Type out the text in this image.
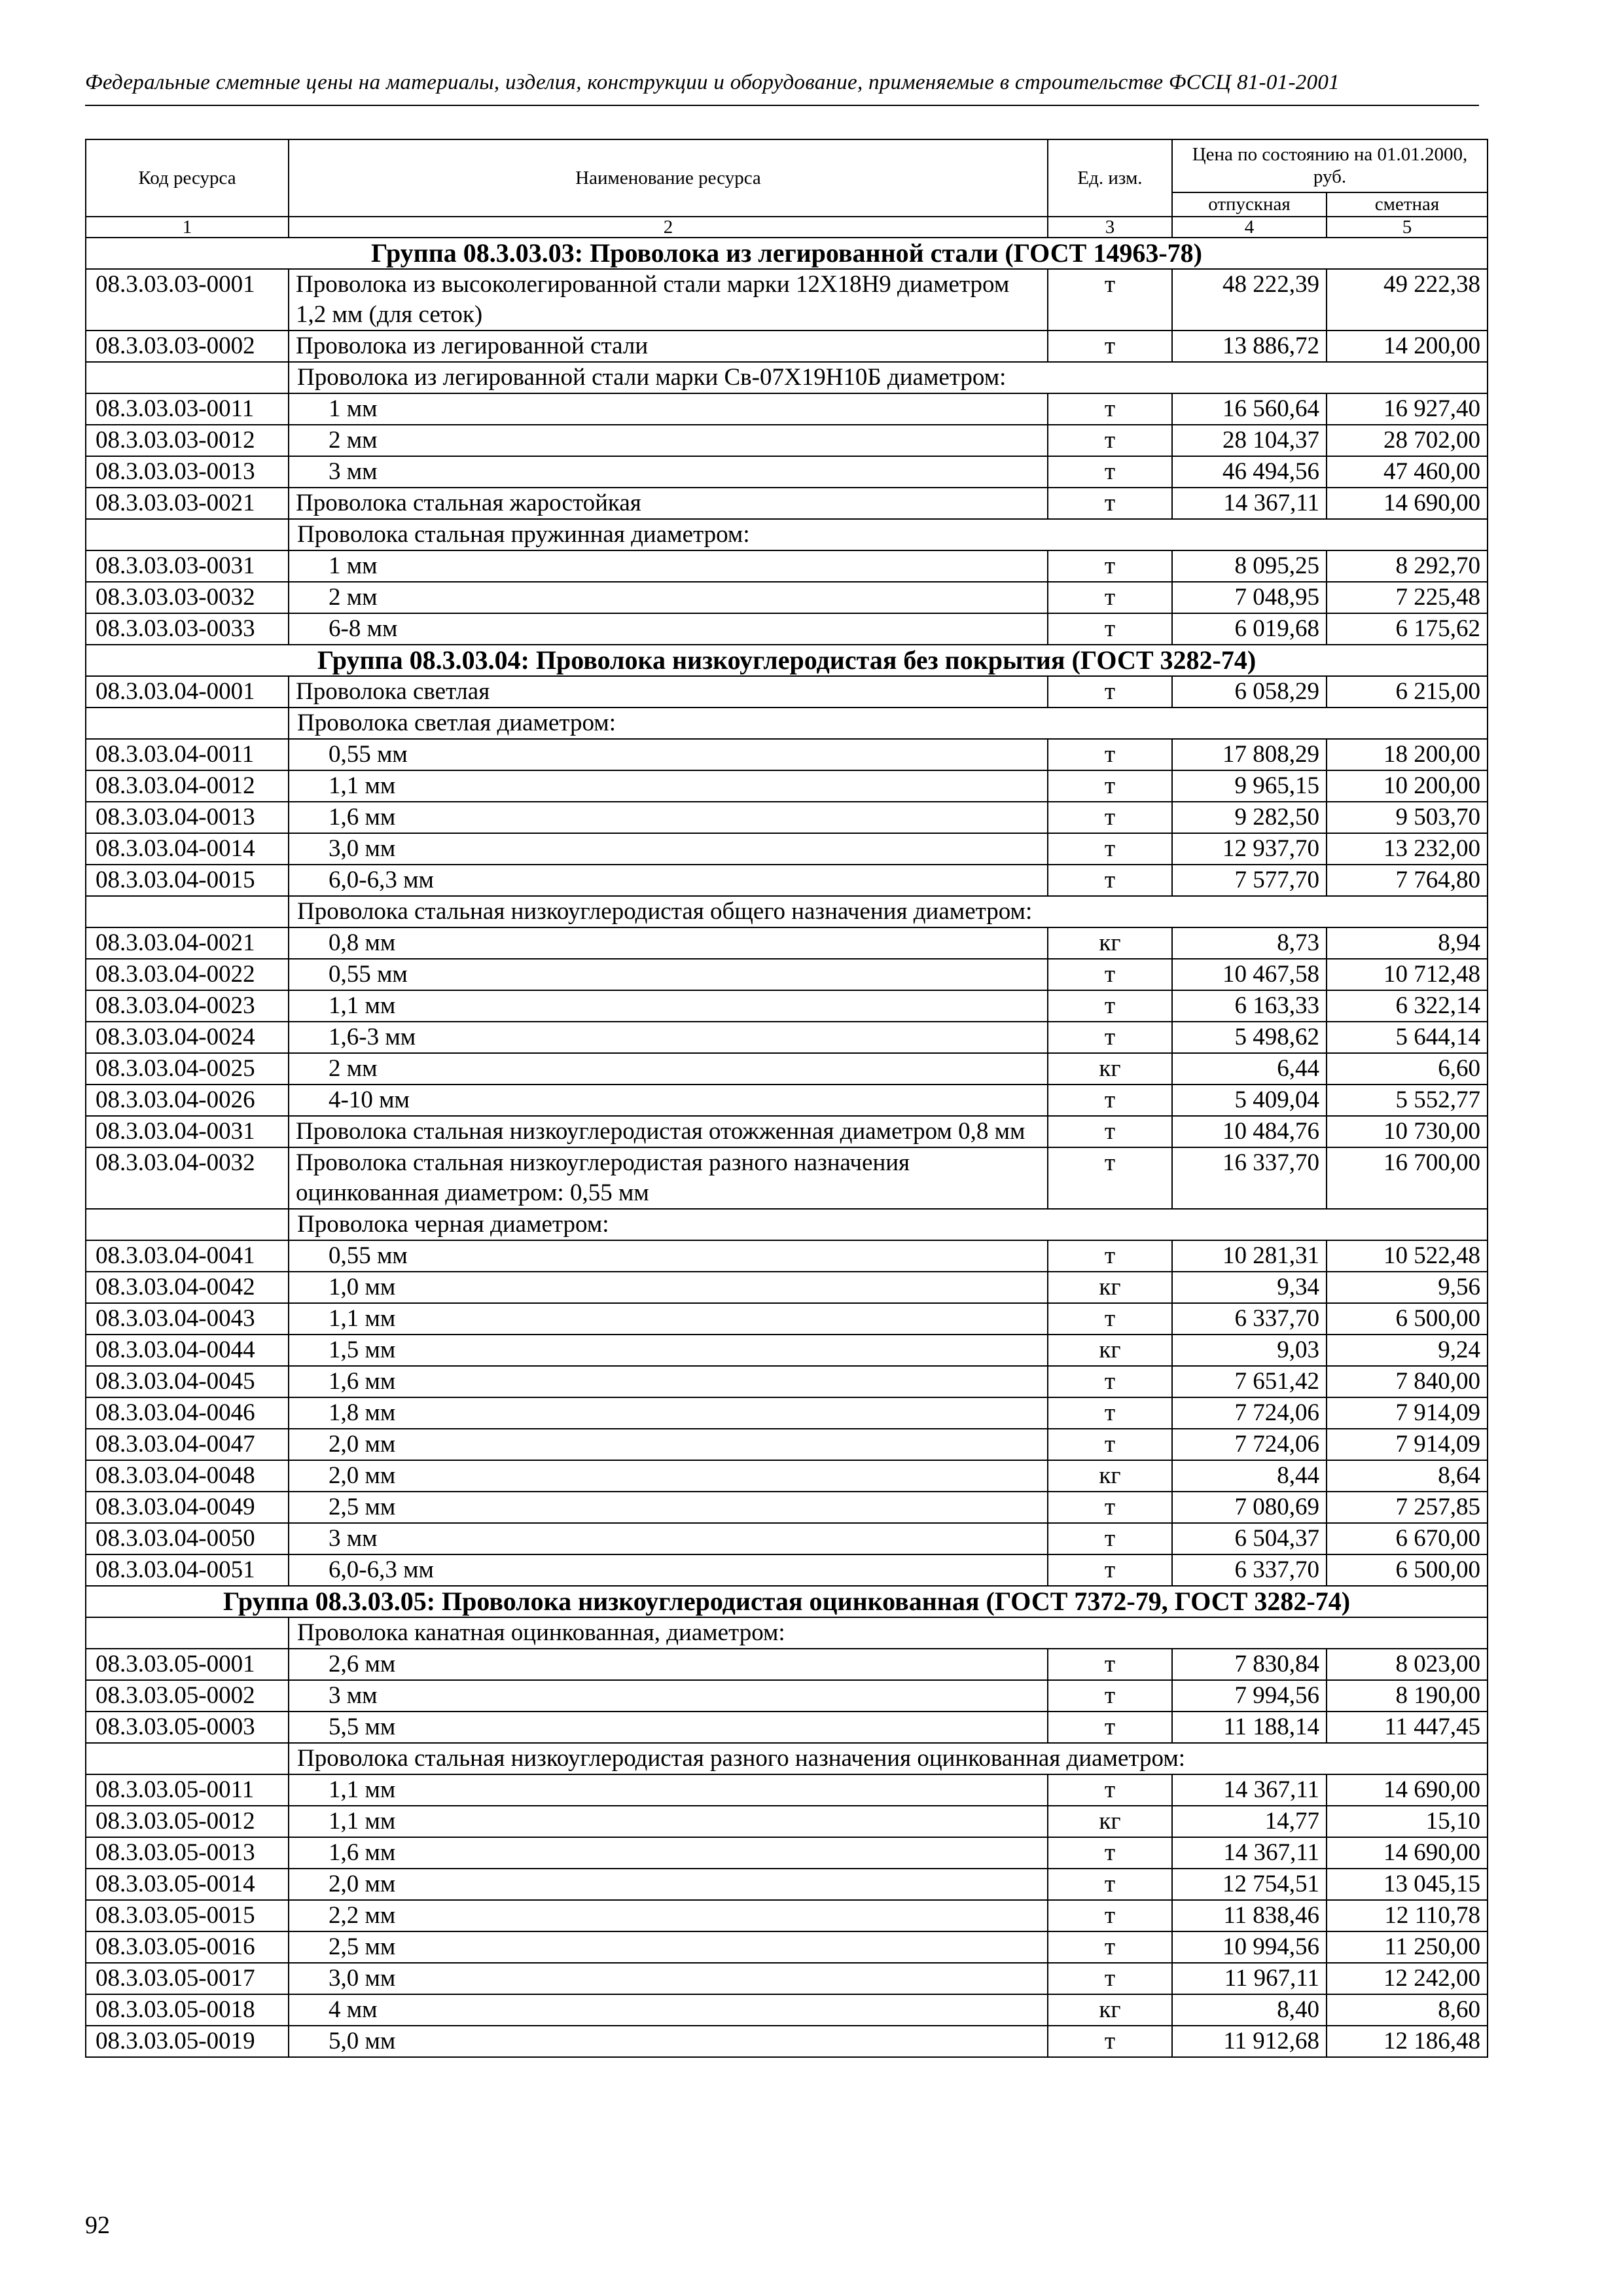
Федеральные сметные цены на материалы, изделия, конструкции и оборудование, применяемые в строительстве ФССЦ 81-01-2001
Код ресурса	Наименование ресурса	Ед. изм.	Цена по состоянию на 01.01.2000, руб.	
			отпускная	сметная
1	2	3	4	5
Группа 08.3.03.03: Проволока из легированной стали (ГОСТ 14963-78)				
08.3.03.03-0001	Проволока из высоколегированной стали марки 12Х18Н9 диаметром 1,2 мм (для сеток)	т	48 222,39	49 222,38
08.3.03.03-0002	Проволока из легированной стали	т	13 886,72	14 200,00
	Проволока из легированной стали марки Св-07Х19Н10Б диаметром:			
08.3.03.03-0011	1 мм	т	16 560,64	16 927,40
08.3.03.03-0012	2 мм	т	28 104,37	28 702,00
08.3.03.03-0013	3 мм	т	46 494,56	47 460,00
08.3.03.03-0021	Проволока стальная жаростойкая	т	14 367,11	14 690,00
	Проволока стальная пружинная диаметром:			
08.3.03.03-0031	1 мм	т	8 095,25	8 292,70
08.3.03.03-0032	2 мм	т	7 048,95	7 225,48
08.3.03.03-0033	6-8 мм	т	6 019,68	6 175,62
Группа 08.3.03.04: Проволока низкоуглеродистая без покрытия (ГОСТ 3282-74)				
08.3.03.04-0001	Проволока светлая	т	6 058,29	6 215,00
	Проволока светлая диаметром:			
08.3.03.04-0011	0,55 мм	т	17 808,29	18 200,00
08.3.03.04-0012	1,1 мм	т	9 965,15	10 200,00
08.3.03.04-0013	1,6 мм	т	9 282,50	9 503,70
08.3.03.04-0014	3,0 мм	т	12 937,70	13 232,00
08.3.03.04-0015	6,0-6,3 мм	т	7 577,70	7 764,80
	Проволока стальная низкоуглеродистая общего назначения диаметром:			
08.3.03.04-0021	0,8 мм	кг	8,73	8,94
08.3.03.04-0022	0,55 мм	т	10 467,58	10 712,48
08.3.03.04-0023	1,1 мм	т	6 163,33	6 322,14
08.3.03.04-0024	1,6-3 мм	т	5 498,62	5 644,14
08.3.03.04-0025	2 мм	кг	6,44	6,60
08.3.03.04-0026	4-10 мм	т	5 409,04	5 552,77
08.3.03.04-0031	Проволока стальная низкоуглеродистая отожженная диаметром 0,8 мм	т	10 484,76	10 730,00
08.3.03.04-0032	Проволока стальная низкоуглеродистая разного назначения оцинкованная диаметром: 0,55 мм	т	16 337,70	16 700,00
	Проволока черная диаметром:			
08.3.03.04-0041	0,55 мм	т	10 281,31	10 522,48
08.3.03.04-0042	1,0 мм	кг	9,34	9,56
08.3.03.04-0043	1,1 мм	т	6 337,70	6 500,00
08.3.03.04-0044	1,5 мм	кг	9,03	9,24
08.3.03.04-0045	1,6 мм	т	7 651,42	7 840,00
08.3.03.04-0046	1,8 мм	т	7 724,06	7 914,09
08.3.03.04-0047	2,0 мм	т	7 724,06	7 914,09
08.3.03.04-0048	2,0 мм	кг	8,44	8,64
08.3.03.04-0049	2,5 мм	т	7 080,69	7 257,85
08.3.03.04-0050	3 мм	т	6 504,37	6 670,00
08.3.03.04-0051	6,0-6,3 мм	т	6 337,70	6 500,00
Группа 08.3.03.05: Проволока низкоуглеродистая оцинкованная (ГОСТ 7372-79, ГОСТ 3282-74)				
	Проволока канатная оцинкованная, диаметром:			
08.3.03.05-0001	2,6 мм	т	7 830,84	8 023,00
08.3.03.05-0002	3 мм	т	7 994,56	8 190,00
08.3.03.05-0003	5,5 мм	т	11 188,14	11 447,45
	Проволока стальная низкоуглеродистая разного назначения оцинкованная диаметром:			
08.3.03.05-0011	1,1 мм	т	14 367,11	14 690,00
08.3.03.05-0012	1,1 мм	кг	14,77	15,10
08.3.03.05-0013	1,6 мм	т	14 367,11	14 690,00
08.3.03.05-0014	2,0 мм	т	12 754,51	13 045,15
08.3.03.05-0015	2,2 мм	т	11 838,46	12 110,78
08.3.03.05-0016	2,5 мм	т	10 994,56	11 250,00
08.3.03.05-0017	3,0 мм	т	11 967,11	12 242,00
08.3.03.05-0018	4 мм	кг	8,40	8,60
08.3.03.05-0019	5,0 мм	т	11 912,68	12 186,48
92
